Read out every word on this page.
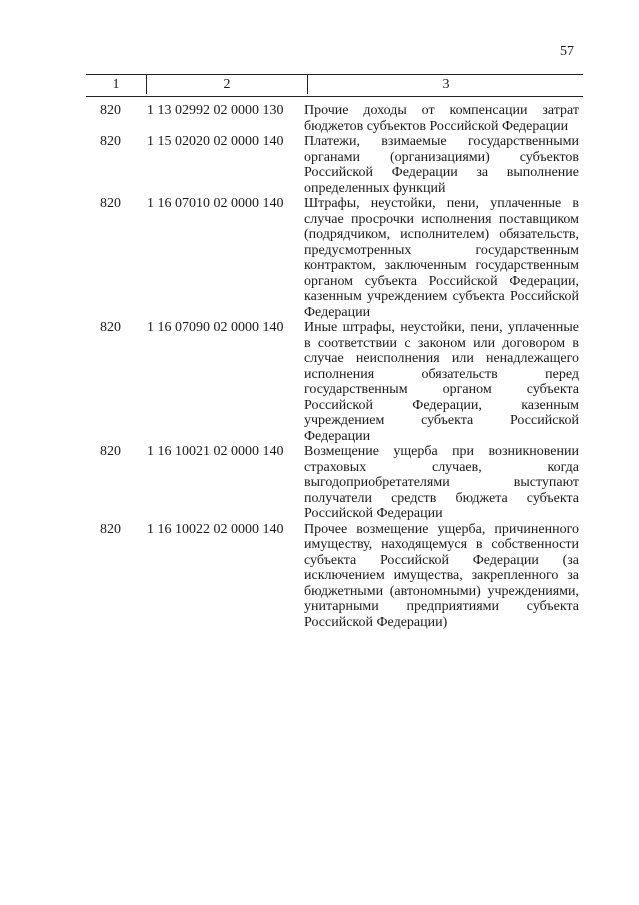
57
1	2	3
820	1 13 02992 02 0000 130	Прочие доходы от компенсации затрат бюджетов субъектов Российской Федерации
820	1 15 02020 02 0000 140	Платежи, взимаемые государственными органами (организациями) субъектов Российской Федерации за выполнение определенных функций
820	1 16 07010 02 0000 140	Штрафы, неустойки, пени, уплаченные в случае просрочки исполнения поставщиком (подрядчиком, исполнителем) обязательств, предусмотренных государственным контрактом, заключенным государственным органом субъекта Российской Федерации, казенным учреждением субъекта Российской Федерации
820	1 16 07090 02 0000 140	Иные штрафы, неустойки, пени, уплаченные в соответствии с законом или договором в случае неисполнения или ненадлежащего исполнения обязательств перед государственным органом субъекта Российской Федерации, казенным учреждением субъекта Российской Федерации
820	1 16 10021 02 0000 140	Возмещение ущерба при возникновении страховых случаев, когда выгодоприобретателями выступают получатели средств бюджета субъекта Российской Федерации
820	1 16 10022 02 0000 140	Прочее возмещение ущерба, причиненного имуществу, находящемуся в собственности субъекта Российской Федерации (за исключением имущества, закрепленного за бюджетными (автономными) учреждениями, унитарными предприятиями субъекта Российской Федерации)
